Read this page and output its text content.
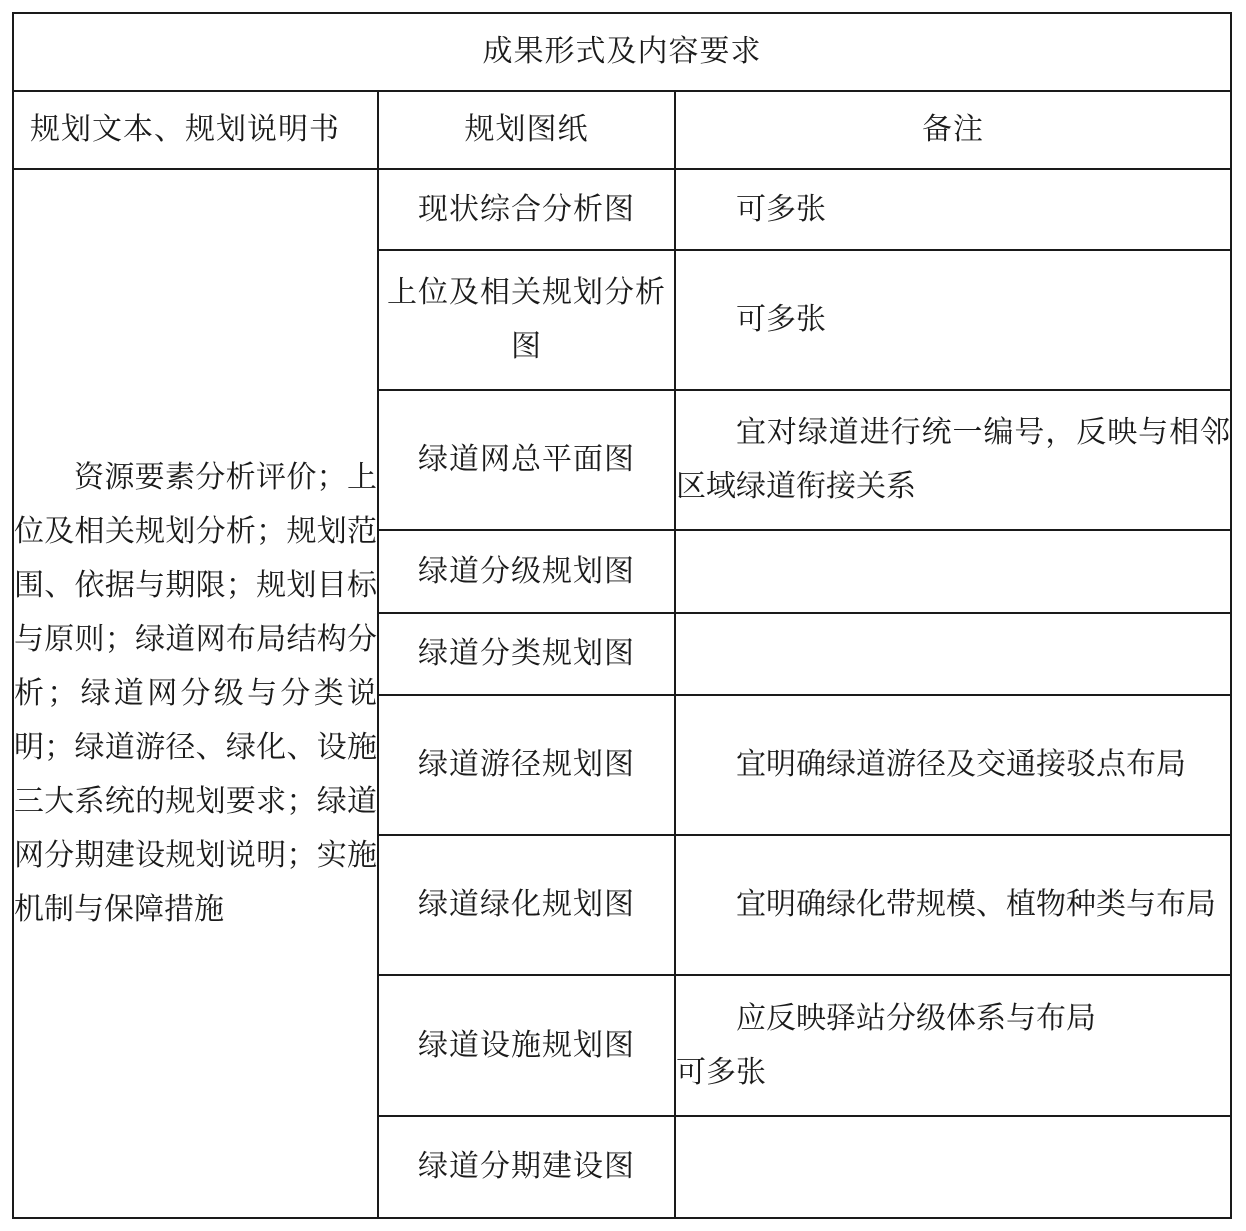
成果形式及内容要求		
规划文本、规划说明书	规划图纸	备注
资源要素分析评价；上位及相关规划分析；规划范围、依据与期限；规划目标与原则；绿道网布局结构分析；绿道网分级与分类说明；绿道游径、绿化、设施三大系统的规划要求；绿道网分期建设规划说明；实施机制与保障措施	现状综合分析图	可多张

	上位及相关规划分析图	可多张

	绿道网总平面图	宜对绿道进行统一编号，反映与相邻区域绿道衔接关系

	绿道分级规划图	
	绿道分类规划图	
	绿道游径规划图	宜明确绿道游径及交通接驳点布局

	绿道绿化规划图	宜明确绿化带规模、植物种类与布局

	绿道设施规划图	应反映驿站分级体系与布局
可多张

	绿道分期建设图	
